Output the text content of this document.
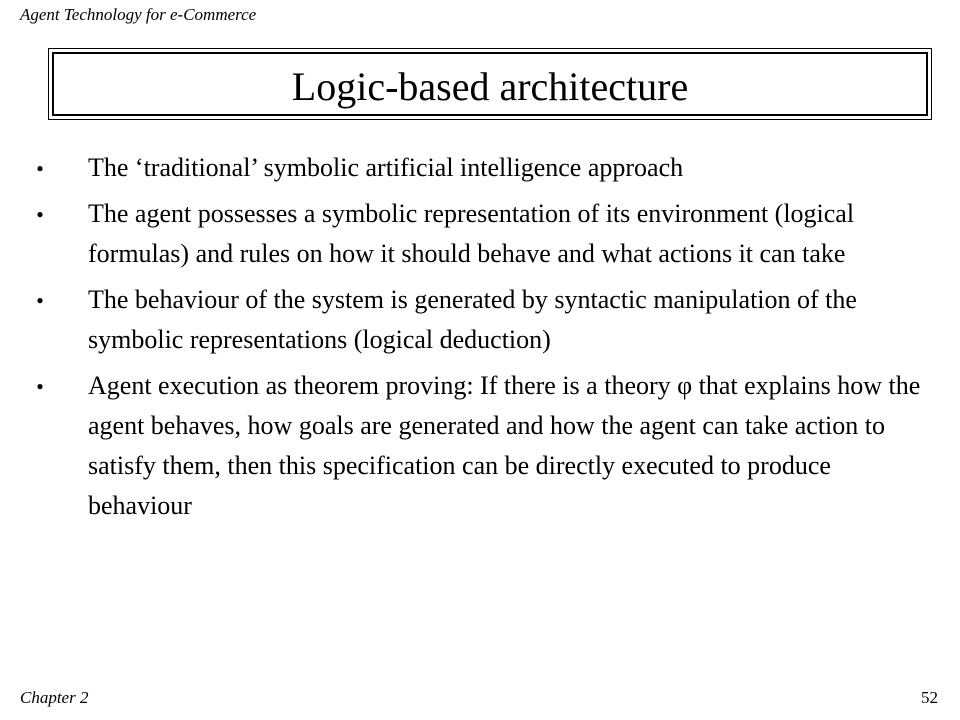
Agent Technology for e-Commerce
Logic-based architecture
● The ‘traditional’ symbolic artificial intelligence approach
● The agent possesses a symbolic representation of its environment (logical formulas) and rules on how it should behave and what actions it can take
● The behaviour of the system is generated by syntactic manipulation of the symbolic representations (logical deduction)
● Agent execution as theorem proving: If there is a theory φ that explains how the agent behaves, how goals are generated and how the agent can take action to satisfy them, then this specification can be directly executed to produce behaviour
Chapter 2	52
